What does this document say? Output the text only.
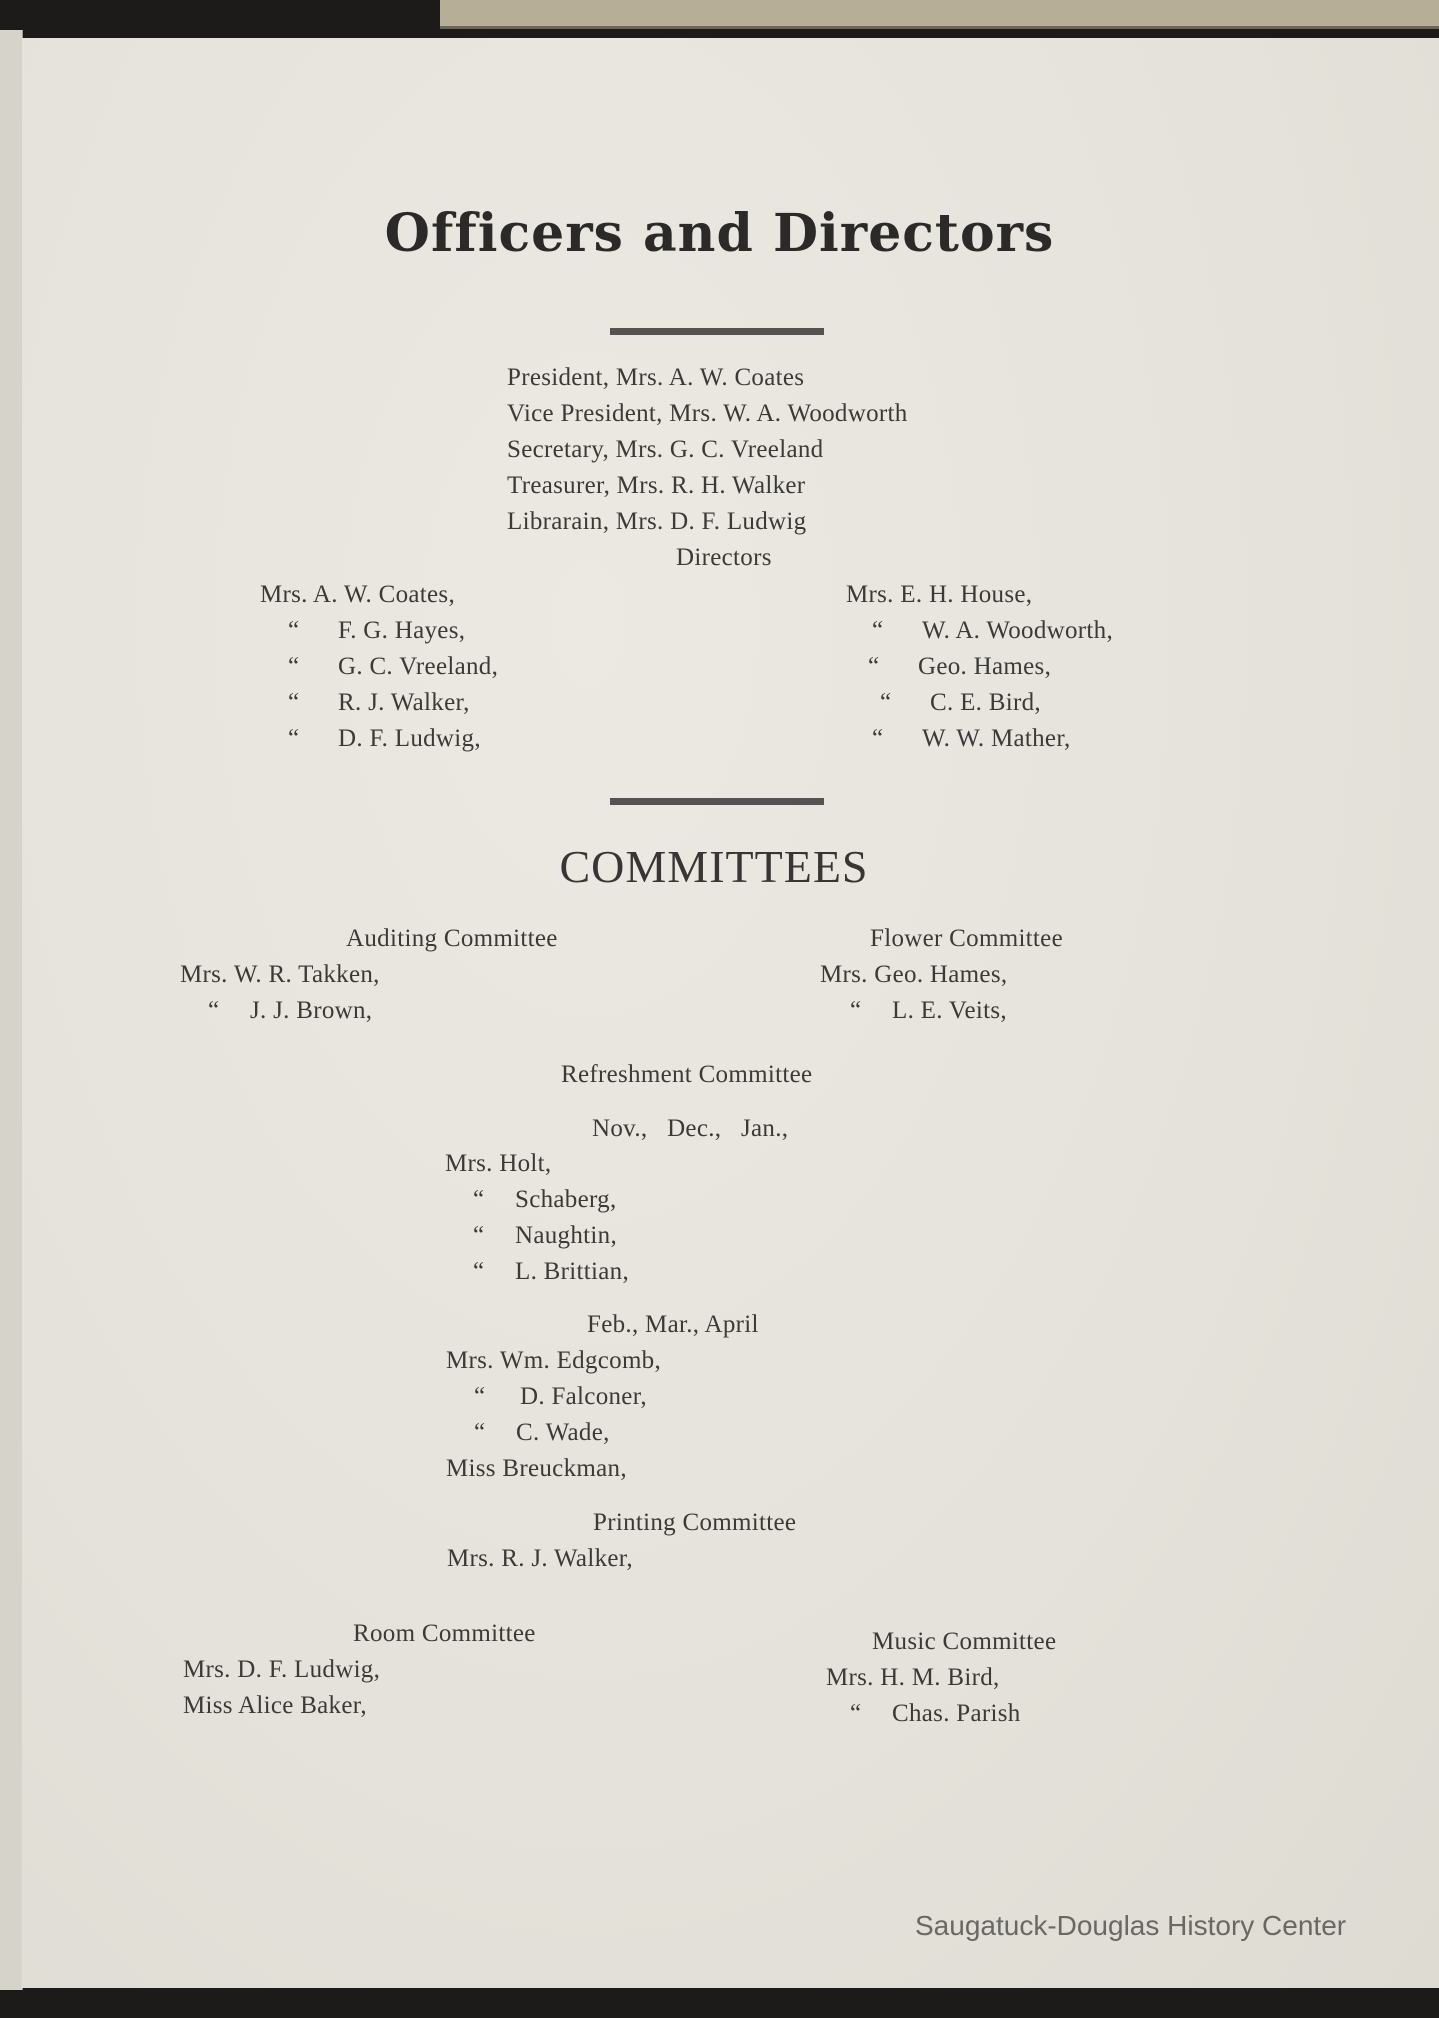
Officers and Directors
President, Mrs. A. W. Coates
Vice President, Mrs. W. A. Woodworth
Secretary, Mrs. G. C. Vreeland
Treasurer, Mrs. R. H. Walker
Librarain, Mrs. D. F. Ludwig
Directors
Mrs. A. W. Coates,
“ F. G. Hayes,
“ G. C. Vreeland,
“ R. J. Walker,
“ D. F. Ludwig,
Mrs. E. H. House,
“ W. A. Woodworth,
“ Geo. Hames,
“ C. E. Bird,
“ W. W. Mather,
COMMITTEES
Auditing Committee
Mrs. W. R. Takken,
“ J. J. Brown,
Flower Committee
Mrs. Geo. Hames,
“ L. E. Veits,
Refreshment Committee
Nov.,   Dec.,   Jan.,
Mrs. Holt,
“ Schaberg,
“ Naughtin,
“ L. Brittian,
Feb., Mar., April
Mrs. Wm. Edgcomb,
“ D. Falconer,
“ C. Wade,
Miss Breuckman,
Printing Committee
Mrs. R. J. Walker,
Room Committee
Mrs. D. F. Ludwig,
Miss Alice Baker,
Music Committee
Mrs. H. M. Bird,
“ Chas. Parish
Saugatuck-Douglas History Center
